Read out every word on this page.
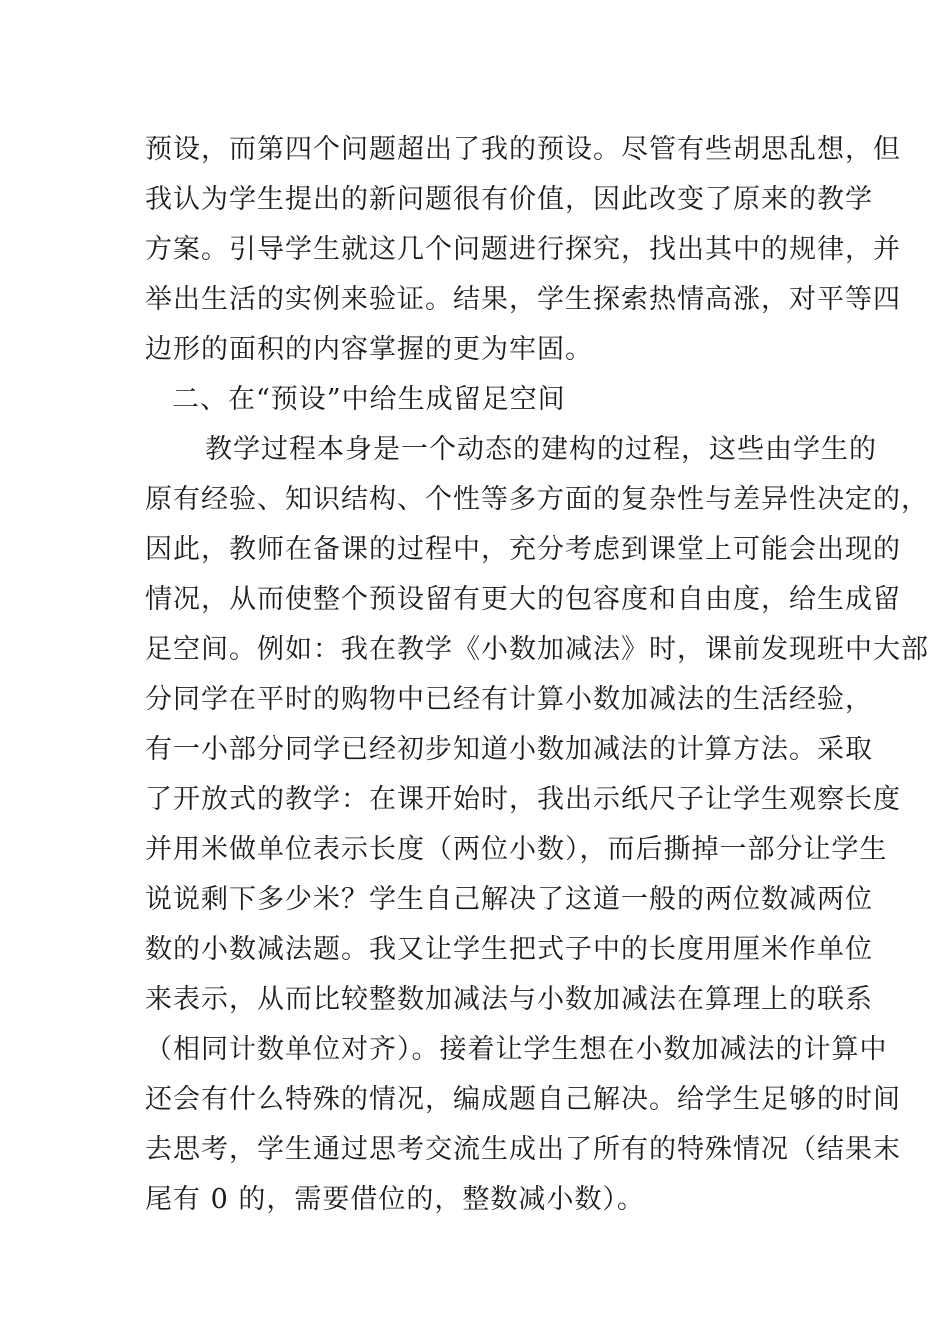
预设，而第四个问题超出了我的预设。尽管有些胡思乱想，但
我认为学生提出的新问题很有价值，因此改变了原来的教学
方案。引导学生就这几个问题进行探究，找出其中的规律，并
举出生活的实例来验证。结果，学生探索热情高涨，对平等四
边形的面积的内容掌握的更为牢固。
二、在“预设”中给生成留足空间
教学过程本身是一个动态的建构的过程，这些由学生的
原有经验、知识结构、个性等多方面的复杂性与差异性决定的，
因此，教师在备课的过程中，充分考虑到课堂上可能会出现的
情况，从而使整个预设留有更大的包容度和自由度，给生成留
足空间。例如：我在教学《小数加减法》时，课前发现班中大部
分同学在平时的购物中已经有计算小数加减法的生活经验，
有一小部分同学已经初步知道小数加减法的计算方法。采取
了开放式的教学：在课开始时，我出示纸尺子让学生观察长度
并用米做单位表示长度（两位小数），而后撕掉一部分让学生
说说剩下多少米？学生自己解决了这道一般的两位数减两位
数的小数减法题。我又让学生把式子中的长度用厘米作单位
来表示，从而比较整数加减法与小数加减法在算理上的联系
（相同计数单位对齐）。接着让学生想在小数加减法的计算中
还会有什么特殊的情况，编成题自己解决。给学生足够的时间
去思考，学生通过思考交流生成出了所有的特殊情况（结果末
尾有 0 的，需要借位的，整数减小数）。
